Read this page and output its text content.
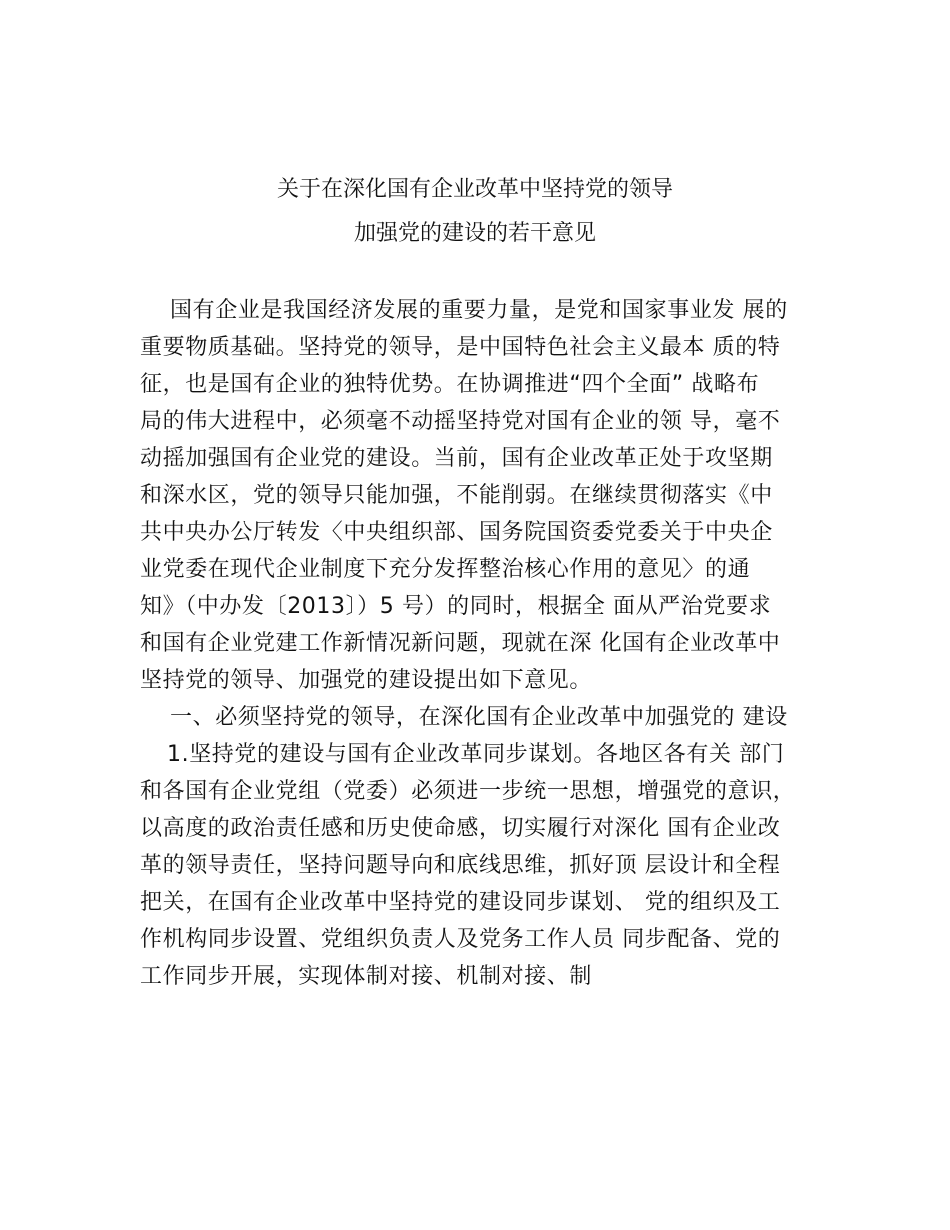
关于在深化国有企业改革中坚持党的领导
加强党的建设的若干意见
国有企业是我国经济发展的重要力量，是党和国家事业发 展的
重要物质基础。坚持党的领导，是中国特色社会主义最本 质的特
征，也是国有企业的独特优势。在协调推进“四个全面” 战略布
局的伟大进程中，必须毫不动摇坚持党对国有企业的领 导，毫不
动摇加强国有企业党的建设。当前，国有企业改革正处于攻坚期
和深水区，党的领导只能加强，不能削弱。在继续贯彻落实《中
共中央办公厅转发〈中央组织部、国务院国资委党委关于中央企
业党委在现代企业制度下充分发挥整治核心作用的意见〉的通
知》（中办发〔2013〕）5 号）的同时，根据全 面从严治党要求
和国有企业党建工作新情况新问题，现就在深 化国有企业改革中
坚持党的领导、加强党的建设提出如下意见。
一、必须坚持党的领导，在深化国有企业改革中加强党的 建设
1.坚持党的建设与国有企业改革同步谋划。各地区各有关 部门
和各国有企业党组（党委）必须进一步统一思想，增强党的意识，
以高度的政治责任感和历史使命感，切实履行对深化 国有企业改
革的领导责任，坚持问题导向和底线思维，抓好顶 层设计和全程
把关，在国有企业改革中坚持党的建设同步谋划、 党的组织及工
作机构同步设置、党组织负责人及党务工作人员 同步配备、党的
工作同步开展，实现体制对接、机制对接、制
